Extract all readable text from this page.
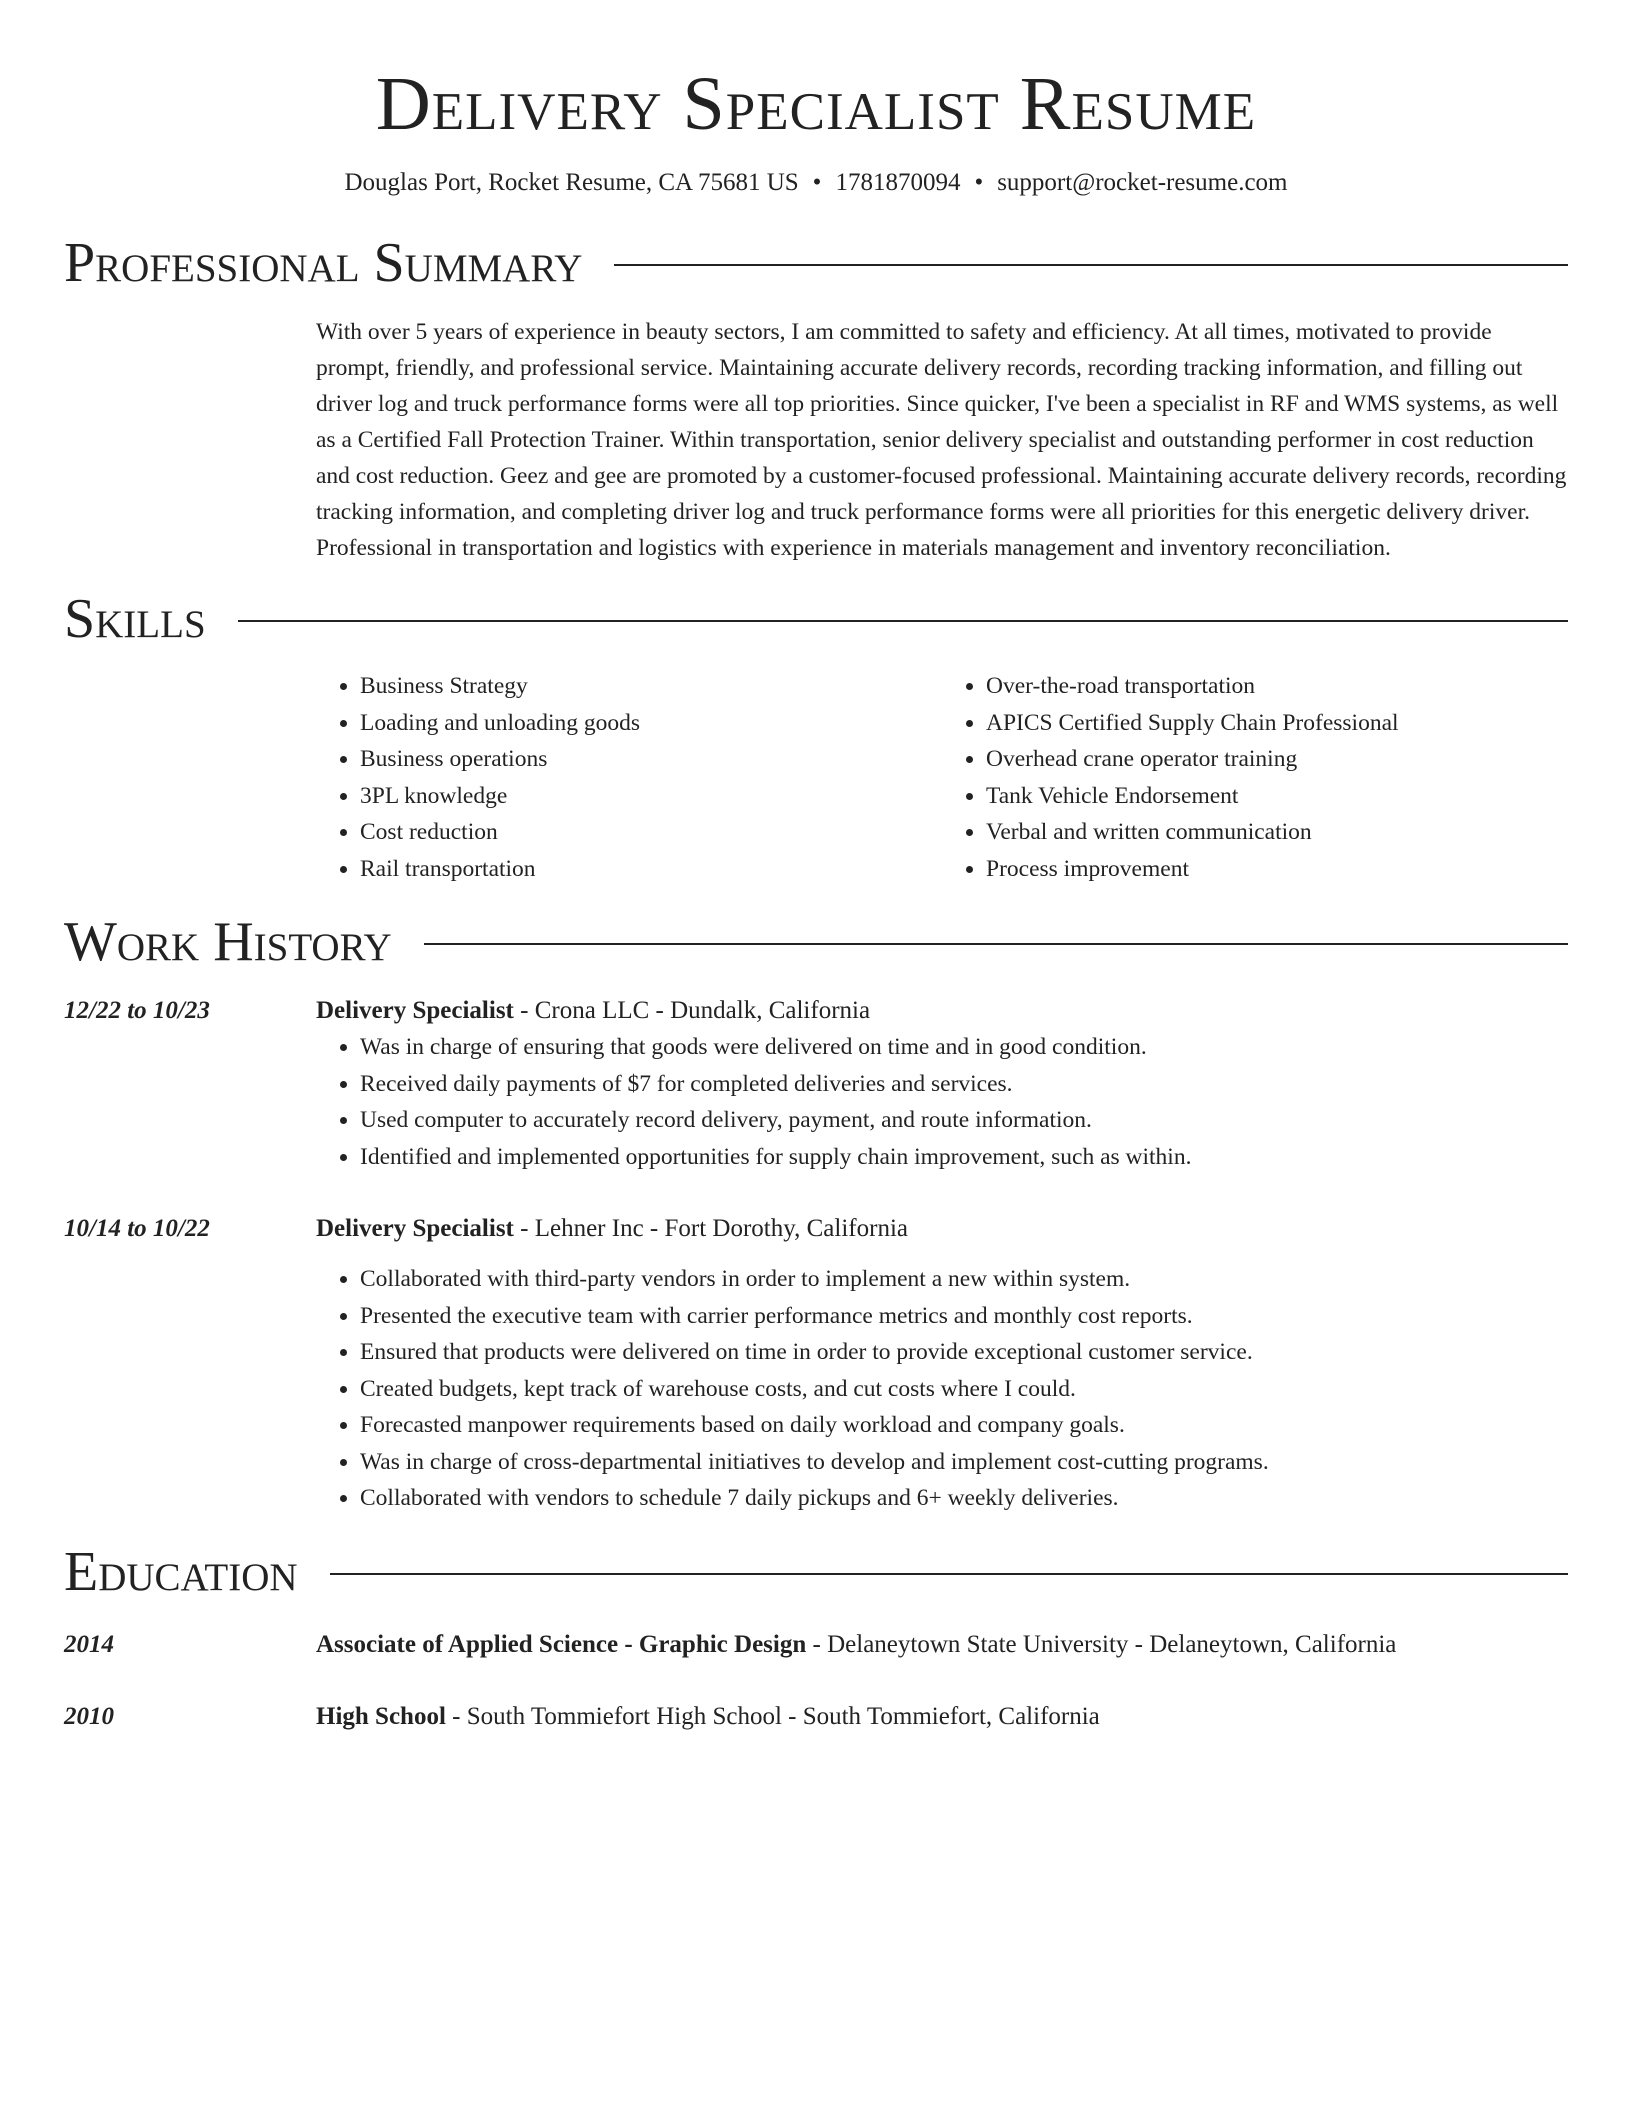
Delivery Specialist Resume
Douglas Port, Rocket Resume, CA 75681 US • 1781870094 • support@rocket-resume.com
Professional Summary
With over 5 years of experience in beauty sectors, I am committed to safety and efficiency. At all times, motivated to provide prompt, friendly, and professional service. Maintaining accurate delivery records, recording tracking information, and filling out driver log and truck performance forms were all top priorities. Since quicker, I've been a specialist in RF and WMS systems, as well as a Certified Fall Protection Trainer. Within transportation, senior delivery specialist and outstanding performer in cost reduction and cost reduction. Geez and gee are promoted by a customer-focused professional. Maintaining accurate delivery records, recording tracking information, and completing driver log and truck performance forms were all priorities for this energetic delivery driver. Professional in transportation and logistics with experience in materials management and inventory reconciliation.
Skills
• Business Strategy
• Loading and unloading goods
• Business operations
• 3PL knowledge
• Cost reduction
• Rail transportation
• Over-the-road transportation
• APICS Certified Supply Chain Professional
• Overhead crane operator training
• Tank Vehicle Endorsement
• Verbal and written communication
• Process improvement
Work History
12/22 to 10/23	Delivery Specialist - Crona LLC - Dundalk, California
• Was in charge of ensuring that goods were delivered on time and in good condition.
• Received daily payments of $7 for completed deliveries and services.
• Used computer to accurately record delivery, payment, and route information.
• Identified and implemented opportunities for supply chain improvement, such as within.
10/14 to 10/22	Delivery Specialist - Lehner Inc - Fort Dorothy, California
• Collaborated with third-party vendors in order to implement a new within system.
• Presented the executive team with carrier performance metrics and monthly cost reports.
• Ensured that products were delivered on time in order to provide exceptional customer service.
• Created budgets, kept track of warehouse costs, and cut costs where I could.
• Forecasted manpower requirements based on daily workload and company goals.
• Was in charge of cross-departmental initiatives to develop and implement cost-cutting programs.
• Collaborated with vendors to schedule 7 daily pickups and 6+ weekly deliveries.
Education
2014	Associate of Applied Science - Graphic Design - Delaneytown State University - Delaneytown, California
2010	High School - South Tommiefort High School - South Tommiefort, California
